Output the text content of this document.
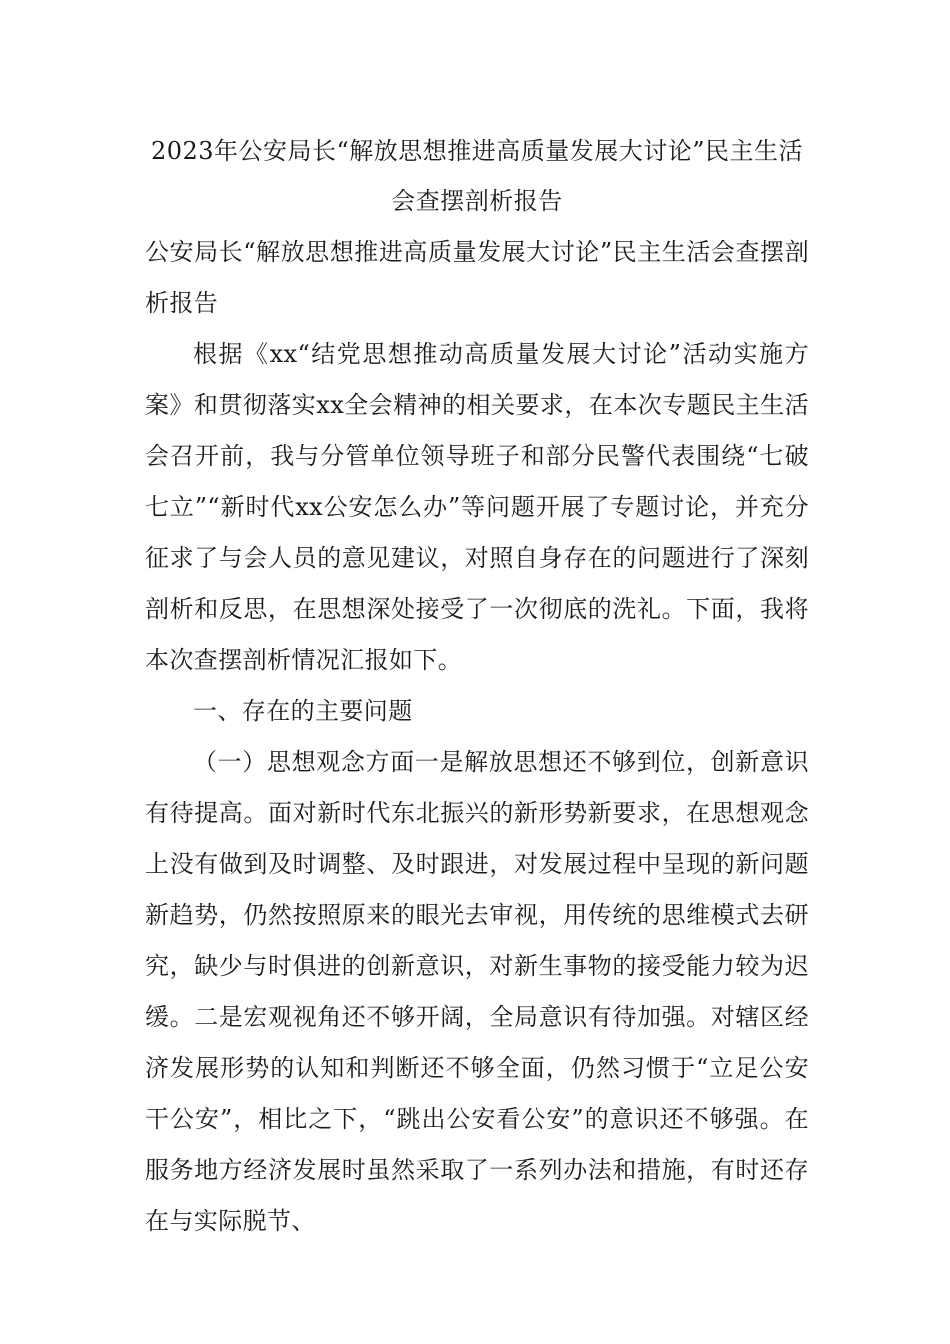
2023年公安局长“解放思想推进高质量发展大讨论”民主生活会查摆剖析报告

公安局长“解放思想推进高质量发展大讨论”民主生活会查摆剖析报告

根据《xx“结党思想推动高质量发展大讨论”活动实施方案》和贯彻落实xx全会精神的相关要求，在本次专题民主生活会召开前，我与分管单位领导班子和部分民警代表围绕“七破七立”“新时代xx公安怎么办”等问题开展了专题讨论，并充分征求了与会人员的意见建议，对照自身存在的问题进行了深刻剖析和反思，在思想深处接受了一次彻底的洗礼。下面，我将本次查摆剖析情况汇报如下。

一、存在的主要问题

（一）思想观念方面一是解放思想还不够到位，创新意识有待提高。面对新时代东北振兴的新形势新要求，在思想观念上没有做到及时调整、及时跟进，对发展过程中呈现的新问题新趋势，仍然按照原来的眼光去审视，用传统的思维模式去研究，缺少与时俱进的创新意识，对新生事物的接受能力较为迟缓。二是宏观视角还不够开阔，全局意识有待加强。对辖区经济发展形势的认知和判断还不够全面，仍然习惯于“立足公安干公安”，相比之下，“跳出公安看公安”的意识还不够强。在服务地方经济发展时虽然采取了一系列办法和措施，有时还存在与实际脱节、
